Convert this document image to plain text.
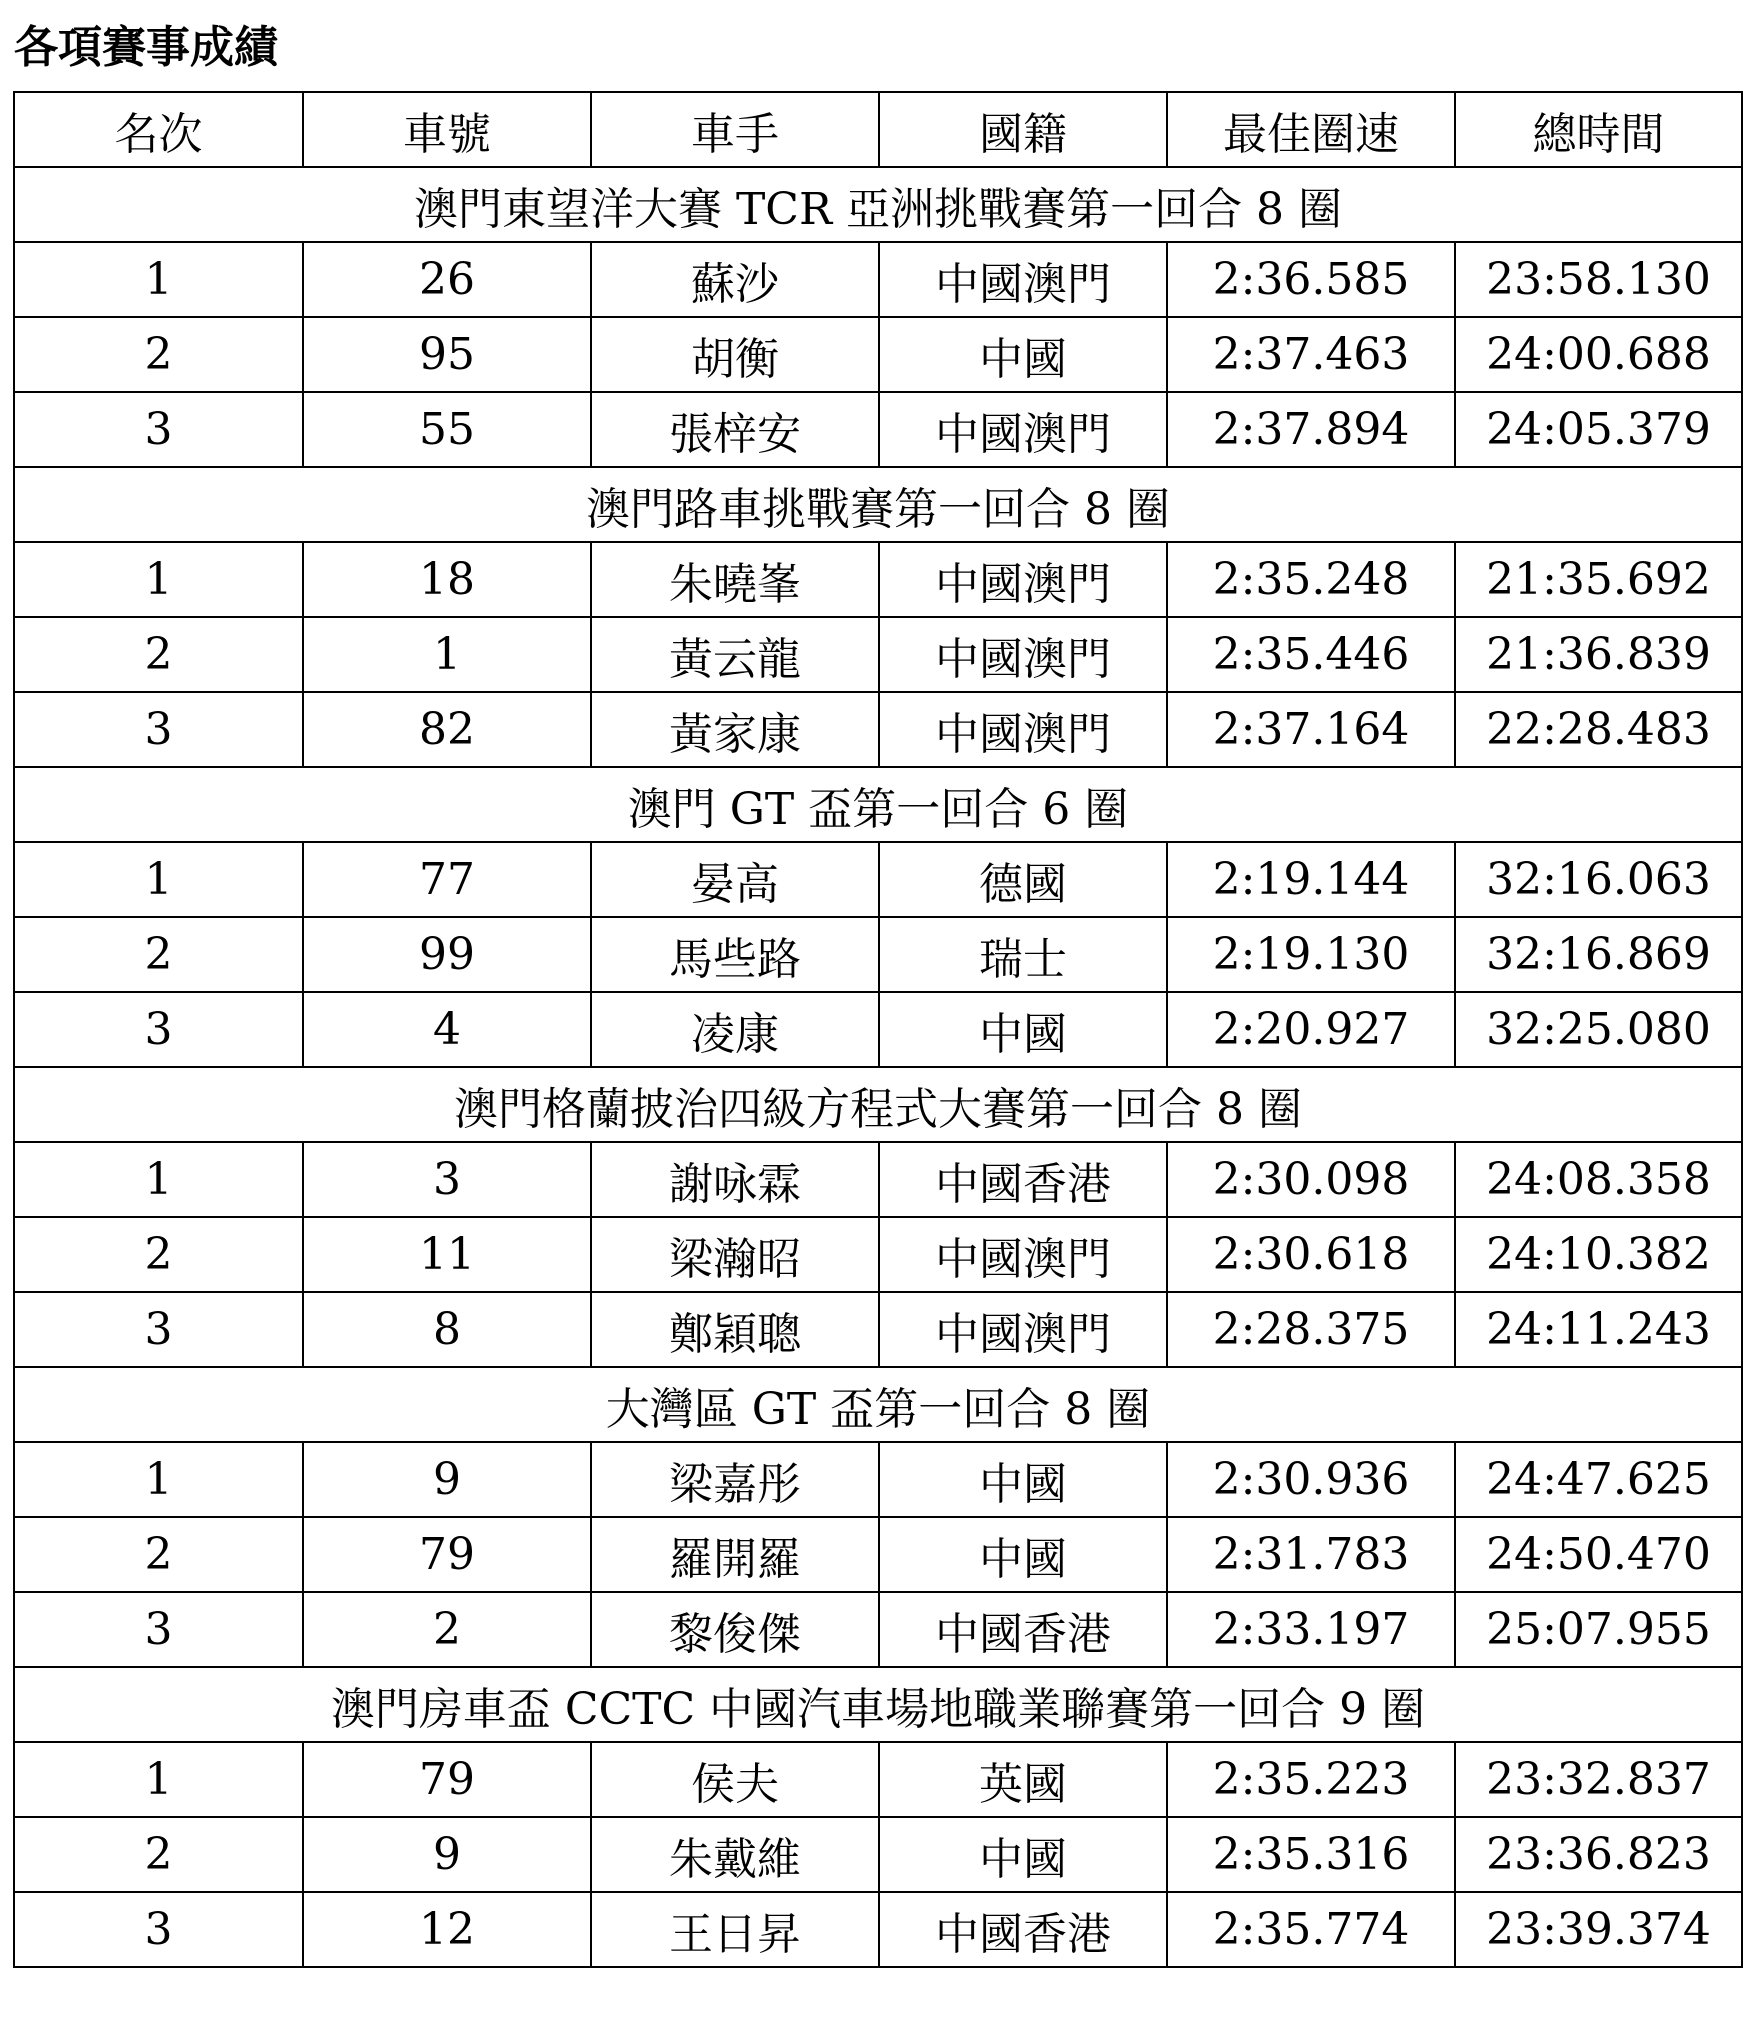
各項賽事成績
名次	車號	車手	國籍	最佳圈速	總時間
澳門東望洋大賽 TCR 亞洲挑戰賽第一回合 8 圈					
1	26	蘇沙	中國澳門	2:36.585	23:58.130
2	95	胡衡	中國	2:37.463	24:00.688
3	55	張梓安	中國澳門	2:37.894	24:05.379
澳門路車挑戰賽第一回合 8 圈					
1	18	朱曉峯	中國澳門	2:35.248	21:35.692
2	1	黃云龍	中國澳門	2:35.446	21:36.839
3	82	黃家康	中國澳門	2:37.164	22:28.483
澳門 GT 盃第一回合 6 圈					
1	77	晏高	德國	2:19.144	32:16.063
2	99	馬些路	瑞士	2:19.130	32:16.869
3	4	凌康	中國	2:20.927	32:25.080
澳門格蘭披治四級方程式大賽第一回合 8 圈					
1	3	謝咏霖	中國香港	2:30.098	24:08.358
2	11	梁瀚昭	中國澳門	2:30.618	24:10.382
3	8	鄭穎聰	中國澳門	2:28.375	24:11.243
大灣區 GT 盃第一回合 8 圈					
1	9	梁嘉彤	中國	2:30.936	24:47.625
2	79	羅開羅	中國	2:31.783	24:50.470
3	2	黎俊傑	中國香港	2:33.197	25:07.955
澳門房車盃 CCTC 中國汽車場地職業聯賽第一回合 9 圈					
1	79	侯夫	英國	2:35.223	23:32.837
2	9	朱戴維	中國	2:35.316	23:36.823
3	12	王日昇	中國香港	2:35.774	23:39.374
